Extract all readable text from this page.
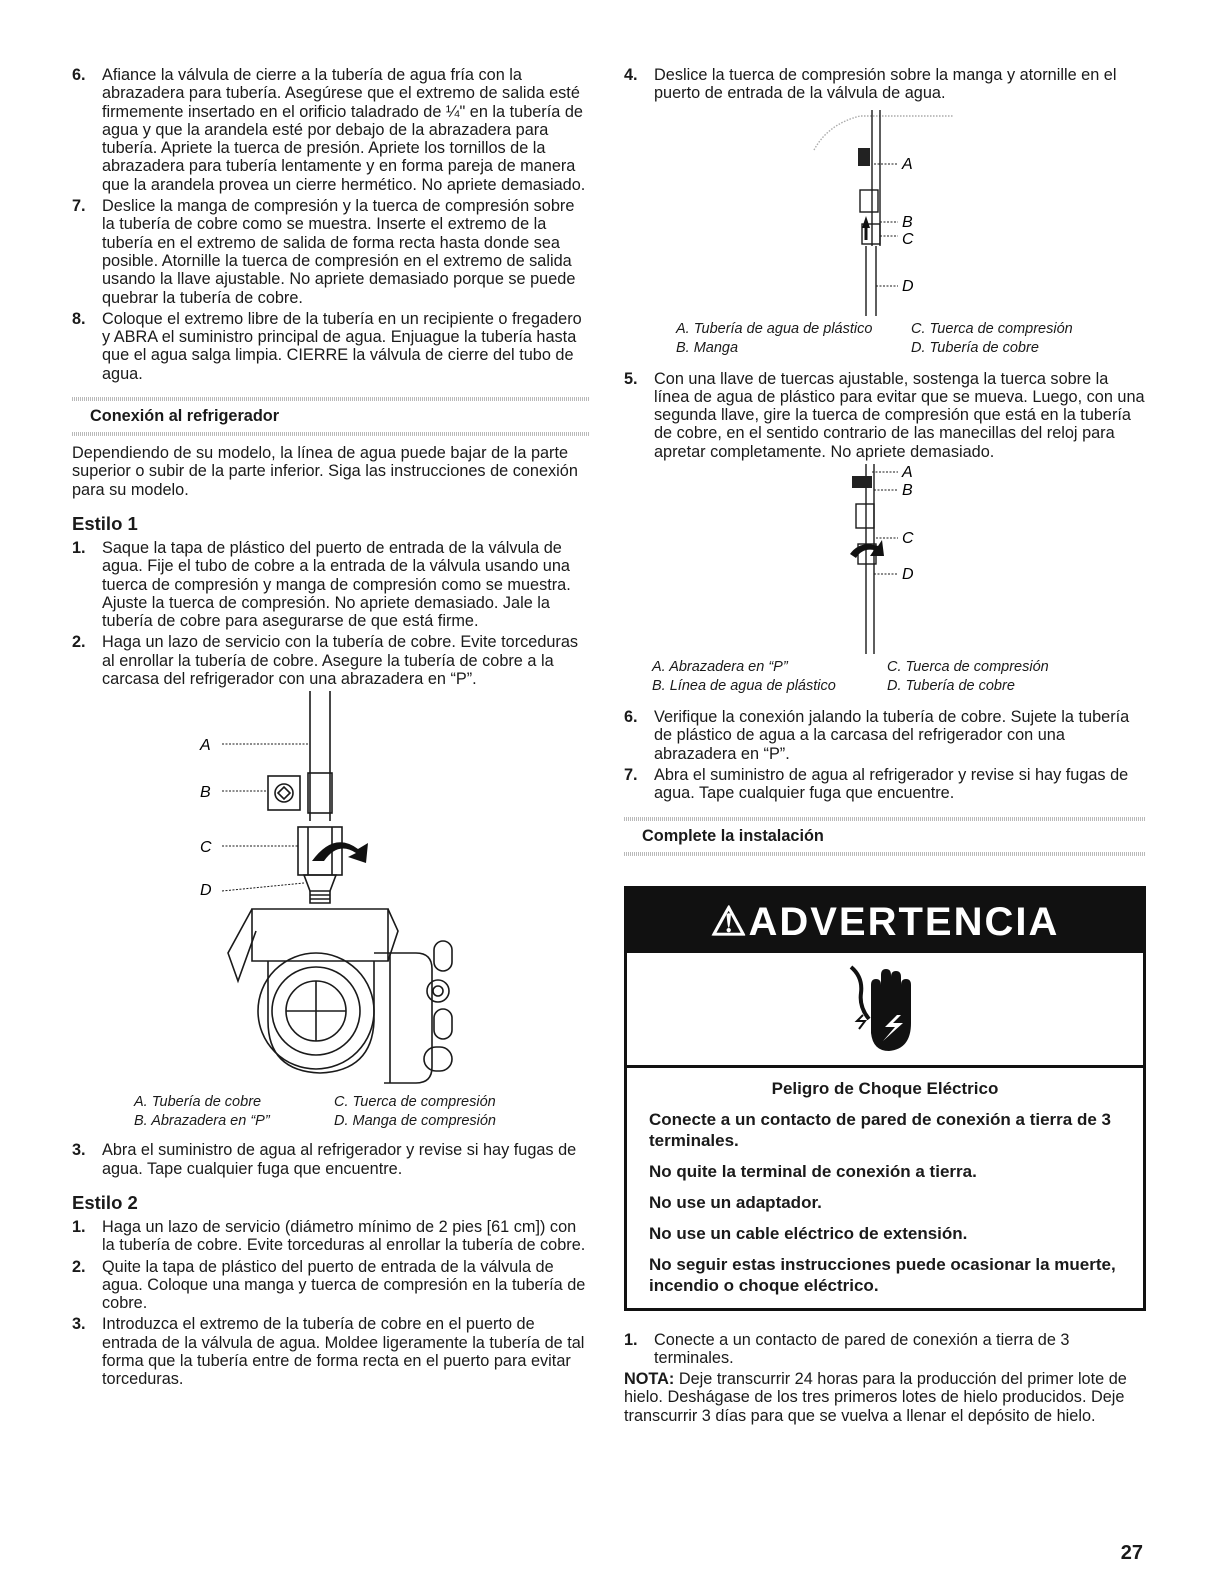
6. Afiance la válvula de cierre a la tubería de agua fría con la abrazadera para tubería. Asegúrese que el extremo de salida esté firmemente insertado en el orificio taladrado de ¼" en la tubería de agua y que la arandela esté por debajo de la abrazadera para tubería. Apriete la tuerca de presión. Apriete los tornillos de la abrazadera para tubería lentamente y en forma pareja de manera que la arandela provea un cierre hermético. No apriete demasiado.
7. Deslice la manga de compresión y la tuerca de compresión sobre la tubería de cobre como se muestra. Inserte el extremo de la tubería en el extremo de salida de forma recta hasta donde sea posible. Atornille la tuerca de compresión en el extremo de salida usando la llave ajustable. No apriete demasiado porque se puede quebrar la tubería de cobre.
8. Coloque el extremo libre de la tubería en un recipiente o fregadero y ABRA el suministro principal de agua. Enjuague la tubería hasta que el agua salga limpia. CIERRE la válvula de cierre del tubo de agua.
Conexión al refrigerador

Dependiendo de su modelo, la línea de agua puede bajar de la parte superior o subir de la parte inferior. Siga las instrucciones de conexión para su modelo.

Estilo 1
1. Saque la tapa de plástico del puerto de entrada de la válvula de agua. Fije el tubo de cobre a la entrada de la válvula usando una tuerca de compresión y manga de compresión como se muestra. Ajuste la tuerca de compresión. No apriete demasiado. Jale la tubería de cobre para asegurarse de que está firme.
2. Haga un lazo de servicio con la tubería de cobre. Evite torceduras al enrollar la tubería de cobre. Asegure la tubería de cobre a la carcasa del refrigerador con una abrazadera en “P”.
A
B
C
D
A. Tubería de cobre	C. Tuerca de compresión
B. Abrazadera en “P”	D. Manga de compresión
3. Abra el suministro de agua al refrigerador y revise si hay fugas de agua. Tape cualquier fuga que encuentre.
Estilo 2
1. Haga un lazo de servicio (diámetro mínimo de 2 pies [61 cm]) con la tubería de cobre. Evite torceduras al enrollar la tubería de cobre.
2. Quite la tapa de plástico del puerto de entrada de la válvula de agua. Coloque una manga y tuerca de compresión en la tubería de cobre.
3. Introduzca el extremo de la tubería de cobre en el puerto de entrada de la válvula de agua. Moldee ligeramente la tubería de tal forma que la tubería entre de forma recta en el puerto para evitar torceduras.
4. Deslice la tuerca de compresión sobre la manga y atornille en el puerto de entrada de la válvula de agua.
A
B
C
D
A. Tubería de agua de plástico	C. Tuerca de compresión
B. Manga	D. Tubería de cobre
5. Con una llave de tuercas ajustable, sostenga la tuerca sobre la línea de agua de plástico para evitar que se mueva. Luego, con una segunda llave, gire la tuerca de compresión que está en la tubería de cobre, en el sentido contrario de las manecillas del reloj para apretar completamente. No apriete demasiado.
A
B
C
D
A. Abrazadera en “P”	C. Tuerca de compresión
B. Línea de agua de plástico	D. Tubería de cobre
6. Verifique la conexión jalando la tubería de cobre. Sujete la tubería de plástico de agua a la carcasa del refrigerador con una abrazadera en “P”.
7. Abra el suministro de agua al refrigerador y revise si hay fugas de agua. Tape cualquier fuga que encuentre.
Complete la instalación
⚠ADVERTENCIA
Peligro de Choque Eléctrico

Conecte a un contacto de pared de conexión a tierra de 3 terminales.

No quite la terminal de conexión a tierra.

No use un adaptador.

No use un cable eléctrico de extensión.

No seguir estas instrucciones puede ocasionar la muerte, incendio o choque eléctrico.

1. Conecte a un contacto de pared de conexión a tierra de 3 terminales.

NOTA: Deje transcurrir 24 horas para la producción del primer lote de hielo. Deshágase de los tres primeros lotes de hielo producidos. Deje transcurrir 3 días para que se vuelva a llenar el depósito de hielo.

27
